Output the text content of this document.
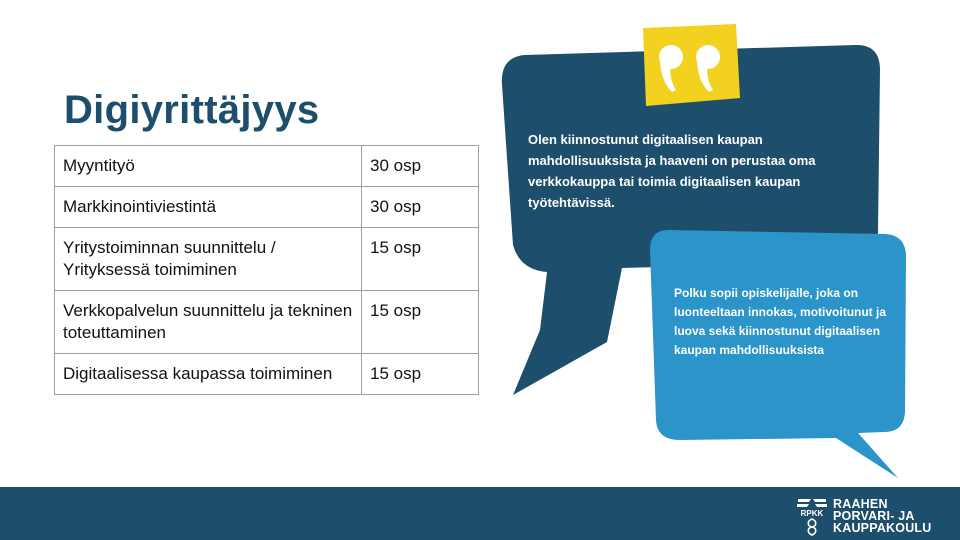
Digiyrittäjyys
Myyntityö	30 osp
Markkinointiviestintä	30 osp
Yritystoiminnan suunnittelu / Yrityksessä toimiminen	15 osp
Verkkopalvelun suunnittelu ja tekninen toteuttaminen	15 osp
Digitaalisessa kaupassa toimiminen	15 osp
Olen kiinnostunut digitaalisen kaupan mahdollisuuksista ja haaveni on perustaa oma verkkokauppa tai toimia digitaalisen kaupan työtehtävissä.
Polku sopii opiskelijalle, joka on luonteeltaan innokas, motivoitunut ja luova sekä kiinnostunut digitaalisen kaupan mahdollisuuksista
RPKK
RAAHEN
PORVARI- JA
KAUPPAKOULU
